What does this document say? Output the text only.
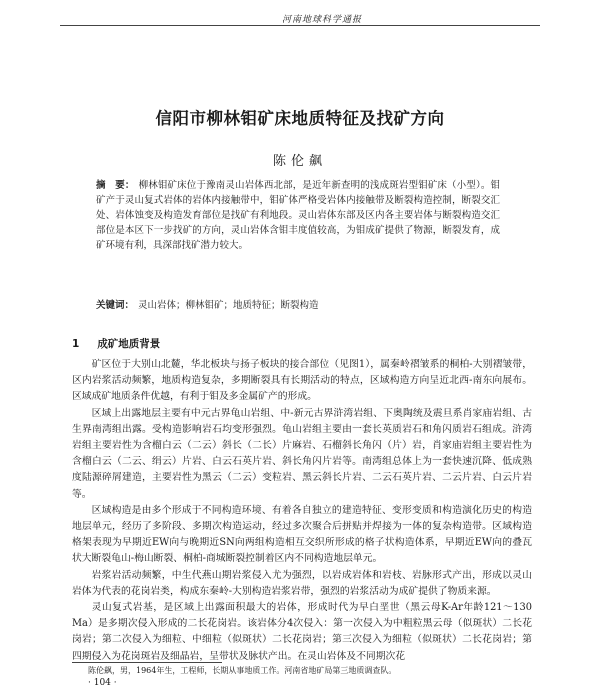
河南地球科学通报
信阳市柳林钼矿床地质特征及找矿方向
陈伦飙

摘　要： 柳林钼矿床位于豫南灵山岩体西北部，是近年新查明的浅成斑岩型钼矿床（小型）。钼矿产于灵山复式岩体的岩体内接触带中，钼矿体严格受岩体内接触带及断裂构造控制，断裂交汇处、岩体蚀变及构造发育部位是找矿有利地段。灵山岩体东部及区内各主要岩体与断裂构造交汇部位是本区下一步找矿的方向，灵山岩体含钼丰度值较高，为钼成矿提供了物源，断裂发育，成矿环境有利，具深部找矿潜力较大。

关键词： 灵山岩体；柳林钼矿；地质特征；断裂构造

1 成矿地质背景

矿区位于大别山北麓，华北板块与扬子板块的接合部位（见图1），属秦岭褶皱系的桐柏-大别褶皱带，区内岩浆活动频繁，地质构造复杂，多期断裂具有长期活动的特点，区域构造方向呈近北西-南东向展布。区域成矿地质条件优越，有利于钼及多金属矿产的形成。

区域上出露地层主要有中元古界龟山岩组、中-新元古界浒湾岩组、下奥陶统及震旦系肖家庙岩组、古生界南湾组出露。受构造影响岩石均变形强烈。龟山岩组主要由一套长英质岩石和角闪质岩石组成。浒湾岩组主要岩性为含榴白云（二云）斜长（二长）片麻岩、石榴斜长角闪（片）岩，肖家庙岩组主要岩性为含榴白云（二云、绢云）片岩、白云石英片岩、斜长角闪片岩等。南湾组总体上为一套快速沉降、低成熟度陆源碎屑建造，主要岩性为黑云（二云）变粒岩、黑云斜长片岩、二云石英片岩、二云片岩、白云片岩等。

区域构造是由多个形成于不同构造环境、有着各自独立的建造特征、变形变质和构造演化历史的构造地层单元，经历了多阶段、多期次构造运动，经过多次聚合后拼贴并焊接为一体的复杂构造带。区域构造格架表现为早期近EW向与晚期近SN向两组构造相互交织所形成的格子状构造体系，早期近EW向的叠瓦状大断裂龟山-梅山断裂、桐柏-商城断裂控制着区内不同构造地层单元。

岩浆岩活动频繁，中生代燕山期岩浆侵入尤为强烈，以岩成岩体和岩枝、岩脉形式产出，形成以灵山岩体为代表的花岗岩类，构成东秦岭-大别构造岩浆岩带，强烈的岩浆活动为成矿提供了物质来源。

灵山复式岩基，是区域上出露面积最大的岩体，形成时代为早白垩世（黑云母K-Ar年龄121～130 Ma）是多期次侵入形成的二长花岗岩。该岩体分4次侵入：第一次侵入为中粗粒黑云母（似斑状）二长花岗岩；第二次侵入为细粒、中细粒（似斑状）二长花岗岩；第三次侵入为细粒（似斑状）二长花岗岩；第四期侵入为花岗斑岩及细晶岩，呈带状及脉状产出。在灵山岩体及不同期次花

陈伦飙，男，1964年生，工程师，长期从事地质工作。河南省地矿局第三地质调查队。
· 104 ·
